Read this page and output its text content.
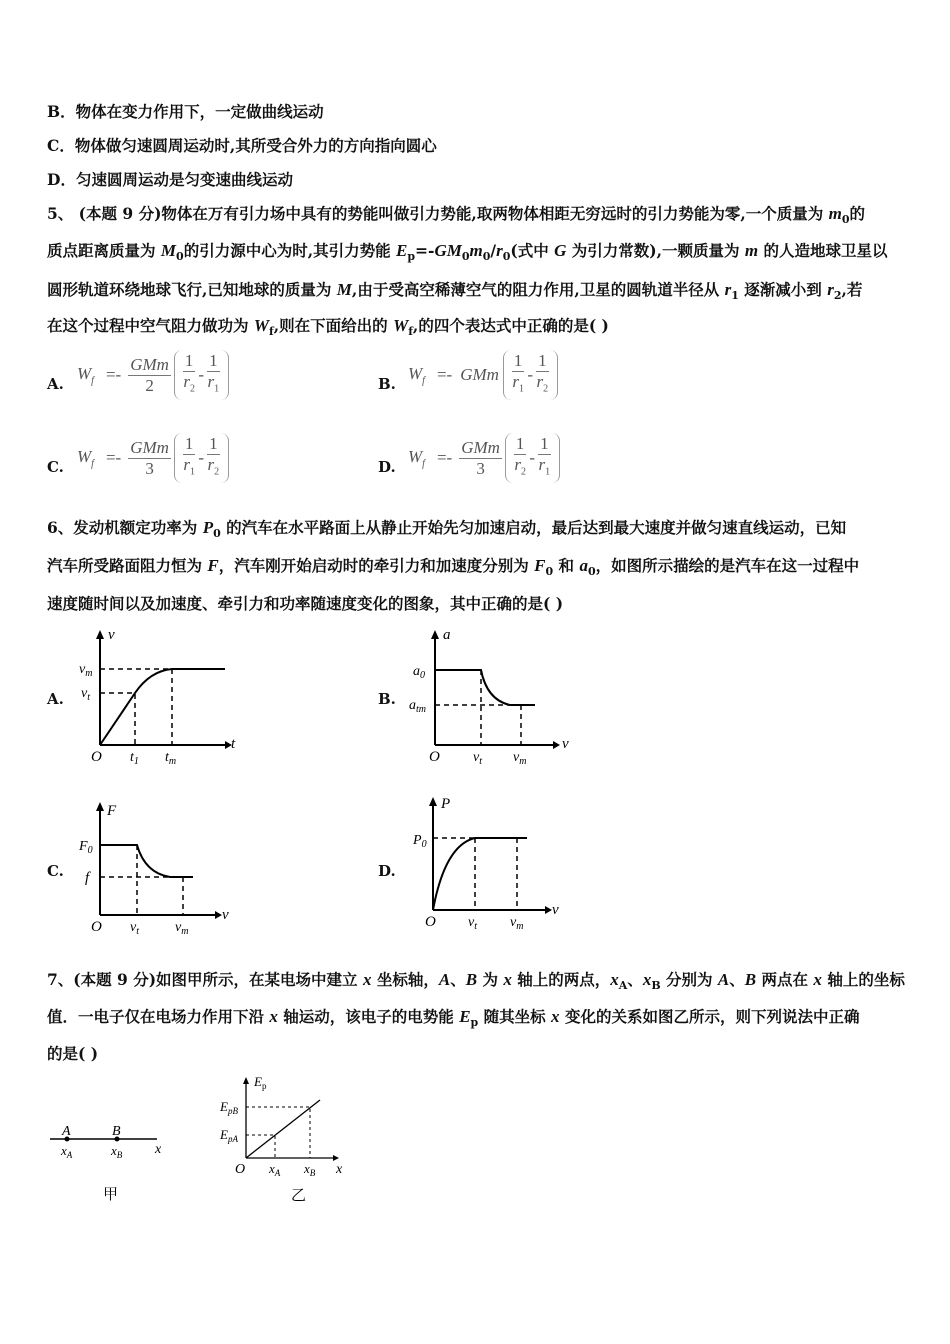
B．物体在变力作用下，一定做曲线运动
C．物体做匀速圆周运动时,其所受合外力的方向指向圆心
D．匀速圆周运动是匀变速曲线运动
5、 (本题 9 分)物体在万有引力场中具有的势能叫做引力势能,取两物体相距无穷远时的引力势能为零,一个质量为 $m_0$的
质点距离质量为 $M_0$的引力源中心为时,其引力势能 $E_p=-GM_0m_0/r_0$(式中 G 为引力常数),一颗质量为 m 的人造地球卫星以
圆形轨道环绕地球飞行,已知地球的质量为 M,由于受高空稀薄空气的阻力作用,卫星的圆轨道半径从 $r_1$ 逐渐减小到 $r_2$,若
在这个过程中空气阻力做功为 $W_f$,则在下面给出的 $W_f$,的四个表达式中正确的是( )
A.
$W_f =- \frac{\text{GMm}}{2} \frac{1}{r_2} - \frac{1}{r_1}$	B.
$W_f$ =- GMm $\frac{1}{r_1} - \frac{1}{r_2}$
C.
$W_f =- \frac{\text{GMm}}{3} \frac{1}{r_1} - \frac{1}{r_2}$	D.
$W_f =- \frac{\text{GMm}}{3} \frac{1}{r_2} - \frac{1}{r_1}$
6、发动机额定功率为 $P_0$ 的汽车在水平路面上从静止开始先匀加速启动，最后达到最大速度并做匀速直线运动，已知
汽车所受路面阻力恒为 F，汽车刚开始启动时的牵引力和加速度分别为 $F_0$ 和 $a_0$，如图所示描绘的是汽车在这一过程中
速度随时间以及加速度、牵引力和功率随速度变化的图象，其中正确的是( )
A.
v
t
O
$v_m$
$v_t$
$t_1$ $t_m$
B.
a
v
O
$a_0$
$a_{tm}$
$v_t$ $v_m$
C.
F
v
O
$F_0$
f
$v_t$	$v_m$
D.
P
v
O
$P_0$
$v_t$ $v_m$
7、(本题 9 分)如图甲所示，在某电场中建立 x 坐标轴，A、B 为 x 轴上的两点，$x_A$、$x_B$ 分别为 A、B 两点在 x 轴上的坐标
值．一电子仅在电场力作用下沿 x 轴运动，该电子的电势能 $E_p$ 随其坐标 x 变化的关系如图乙所示，则下列说法中正确
的是( )
A	B
$x_A$	$x_B$ x
甲
$E_p$
$E_{pB}$
$E_{pA}$
O $x_A$ $x_B$ x
乙
